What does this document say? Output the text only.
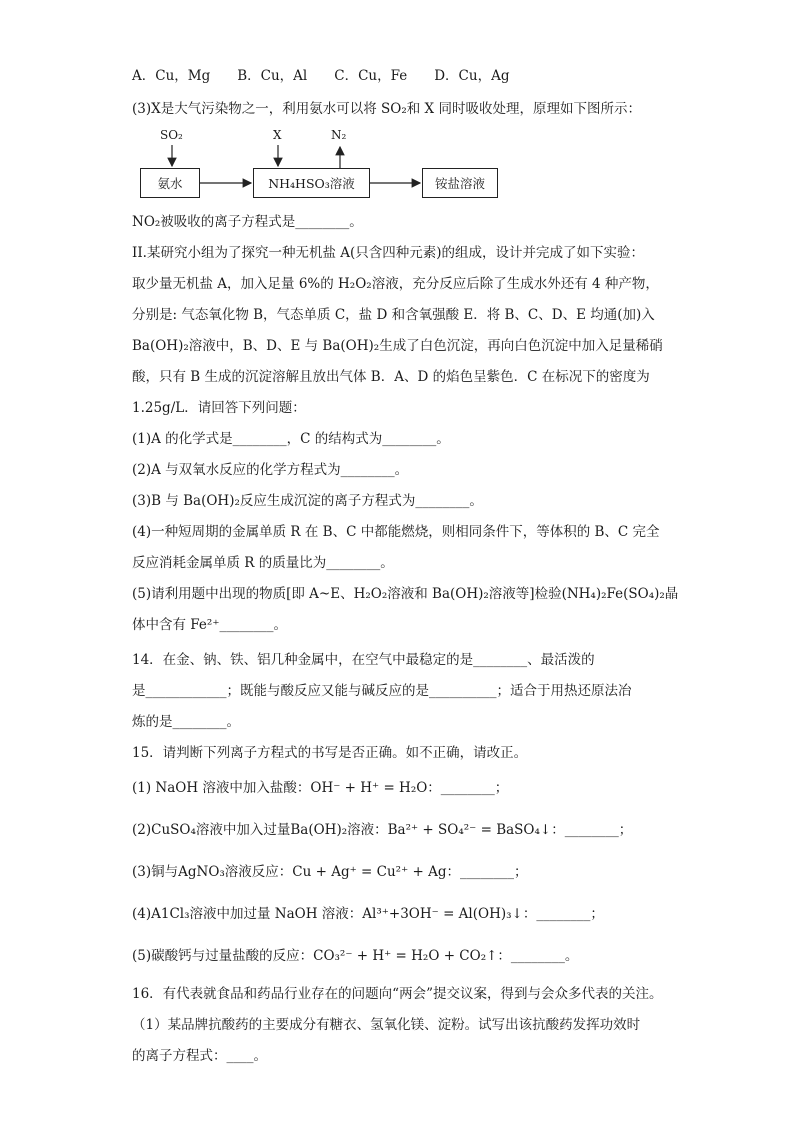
A．Cu，Mg　　B．Cu，Al　　C．Cu，Fe　　D．Cu，Ag
(3)X是大气污染物之一，利用氨水可以将 SO₂和 X 同时吸收处理，原理如下图所示：
SO₂	X	N₂
氨水	NH₄HSO₃溶液	铵盐溶液
NO₂被吸收的离子方程式是________。
II.某研究小组为了探究一种无机盐 A(只含四种元素)的组成，设计并完成了如下实验：
取少量无机盐 A，加入足量 6%的 H₂O₂溶液，充分反应后除了生成水外还有 4 种产物，
分别是: 气态氧化物 B，气态单质 C，盐 D 和含氧强酸 E．将 B、C、D、E 均通(加)入
Ba(OH)₂溶液中，B、D、E 与 Ba(OH)₂生成了白色沉淀，再向白色沉淀中加入足量稀硝
酸，只有 B 生成的沉淀溶解且放出气体 B．A、D 的焰色呈紫色．C 在标况下的密度为
1.25g/L．请回答下列问题：
(1)A 的化学式是________，C 的结构式为________。
(2)A 与双氧水反应的化学方程式为________。
(3)B 与 Ba(OH)₂反应生成沉淀的离子方程式为________。
(4)一种短周期的金属单质 R 在 B、C 中都能燃烧，则相同条件下，等体积的 B、C 完全
反应消耗金属单质 R 的质量比为________。
(5)请利用题中出现的物质[即 A~E、H₂O₂溶液和 Ba(OH)₂溶液等]检验(NH₄)₂Fe(SO₄)₂晶
体中含有 Fe²⁺________。
14．在金、钠、铁、铝几种金属中，在空气中最稳定的是________、最活泼的
是____________；既能与酸反应又能与碱反应的是__________；适合于用热还原法冶
炼的是________。
15．请判断下列离子方程式的书写是否正确。如不正确，请改正。
(1) NaOH 溶液中加入盐酸：OH⁻ + H⁺ = H₂O：________；
(2)CuSO₄溶液中加入过量Ba(OH)₂溶液：Ba²⁺ + SO₄²⁻ = BaSO₄↓：________；
(3)铜与AgNO₃溶液反应：Cu + Ag⁺ = Cu²⁺ + Ag：________；
(4)A1Cl₃溶液中加过量 NaOH 溶液：Al³⁺+3OH⁻ = Al(OH)₃↓：________；
(5)碳酸钙与过量盐酸的反应：CO₃²⁻ + H⁺ = H₂O + CO₂↑：________。
16．有代表就食品和药品行业存在的问题向“两会”提交议案，得到与会众多代表的关注。
（1）某品牌抗酸药的主要成分有糖衣、氢氧化镁、淀粉。试写出该抗酸药发挥功效时
的离子方程式：____。
